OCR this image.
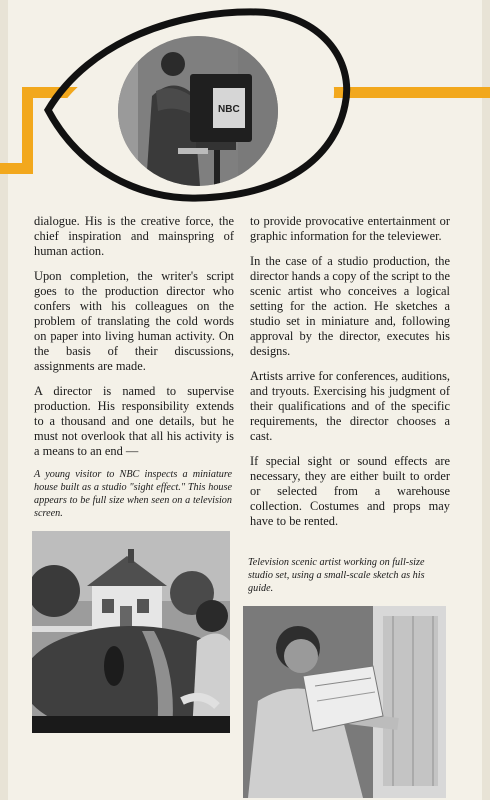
NBC

dialogue. His is the creative force, the chief inspiration and mainspring of human action.

Upon completion, the writer's script goes to the production director who confers with his colleagues on the problem of translating the cold words on paper into living human activity. On the basis of their discussions, assignments are made.

A director is named to supervise production. His responsibility extends to a thousand and one details, but he must not overlook that all his activity is a means to an end —

to provide provocative entertainment or graphic information for the televiewer.

In the case of a studio production, the director hands a copy of the script to the scenic artist who conceives a logical setting for the action. He sketches a studio set in miniature and, following approval by the director, executes his designs.

Artists arrive for conferences, auditions, and tryouts. Exercising his judgment of their qualifications and of the specific requirements, the director chooses a cast.

If special sight or sound effects are necessary, they are either built to order or selected from a warehouse collection. Costumes and props may have to be rented.

A young visitor to NBC inspects a miniature house built as a studio "sight effect." This house appears to be full size when seen on a television screen.
Television scenic artist working on full-size studio set, using a small-scale sketch as his guide.
